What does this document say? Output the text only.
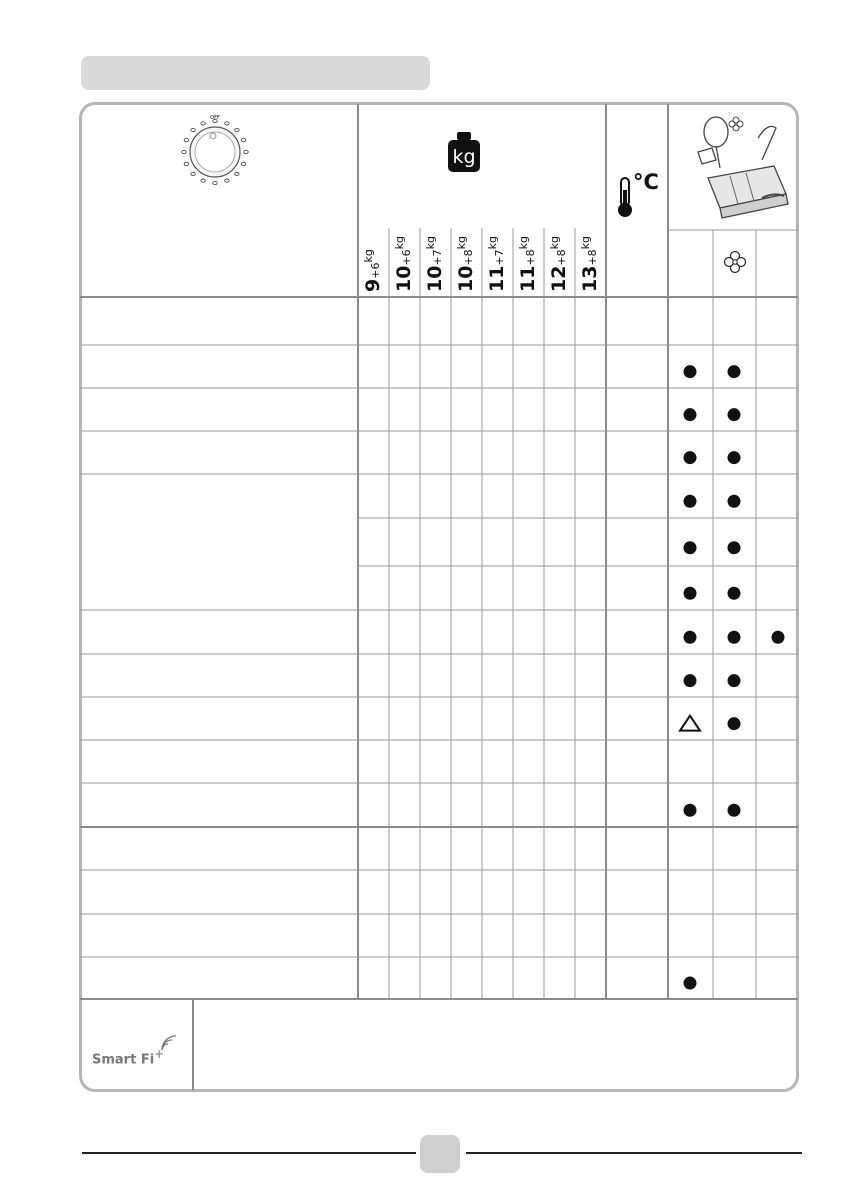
OFF
kg
°C
$9+6^{kg}$
$10+6^{kg}$
$10+7^{kg}$
$10+8^{kg}$
$11+7^{kg}$
$11+8^{kg}$
$12+8^{kg}$
$13+8^{kg}$
Smart Fi+
